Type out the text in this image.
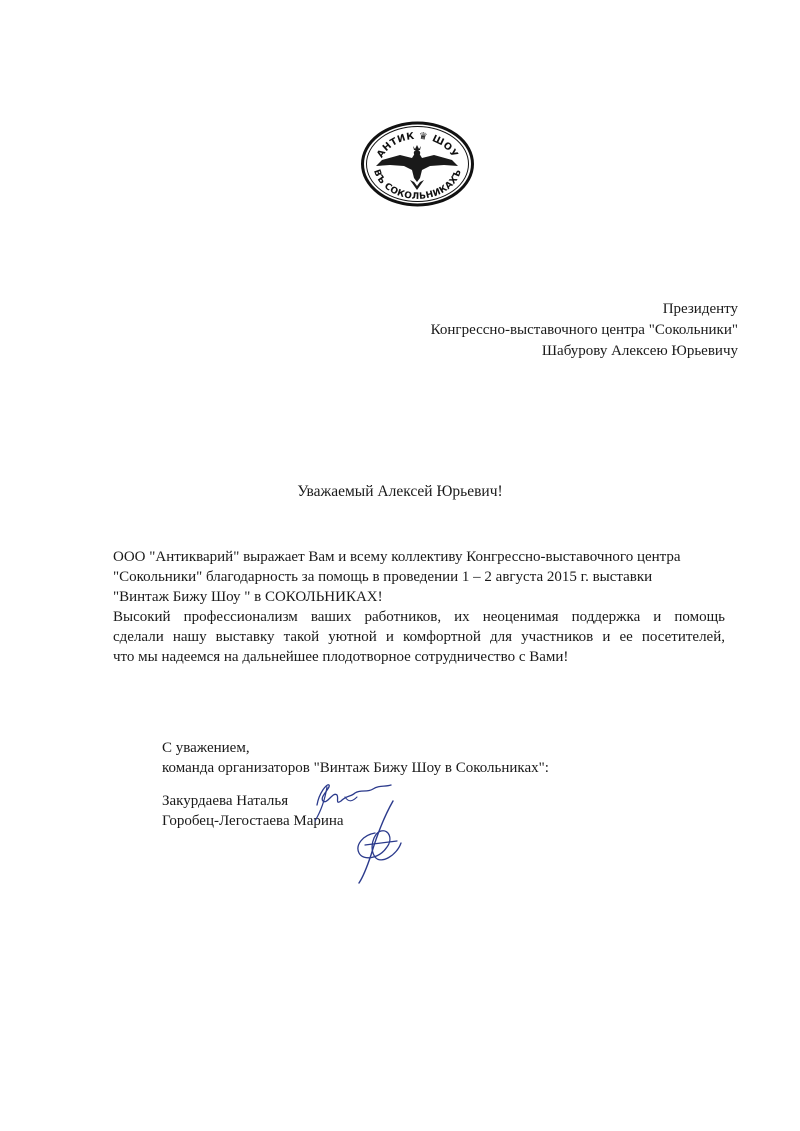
АНТИК ♛ ШОУ
ВЪ СОКОЛЬНИКАХЪ
Президенту
Конгрессно-выставочного центра "Сокольники"
Шабурову Алексею Юрьевичу
Уважаемый Алексей Юрьевич!
ООО "Антикварий" выражает Вам и всему коллективу Конгрессно-выставочного центра
"Сокольники" благодарность за помощь в проведении 1 – 2 августа 2015 г. выставки
"Винтаж Бижу Шоу " в СОКОЛЬНИКАХ!
Высокий профессионализм ваших работников, их неоценимая поддержка и помощь
сделали нашу выставку такой уютной и комфортной для участников и ее посетителей,
что мы надеемся на дальнейшее плодотворное сотрудничество с Вами!
С уважением,
команда организаторов "Винтаж Бижу Шоу в Сокольниках":
Закурдаева Наталья
Горобец-Легостаева Марина
